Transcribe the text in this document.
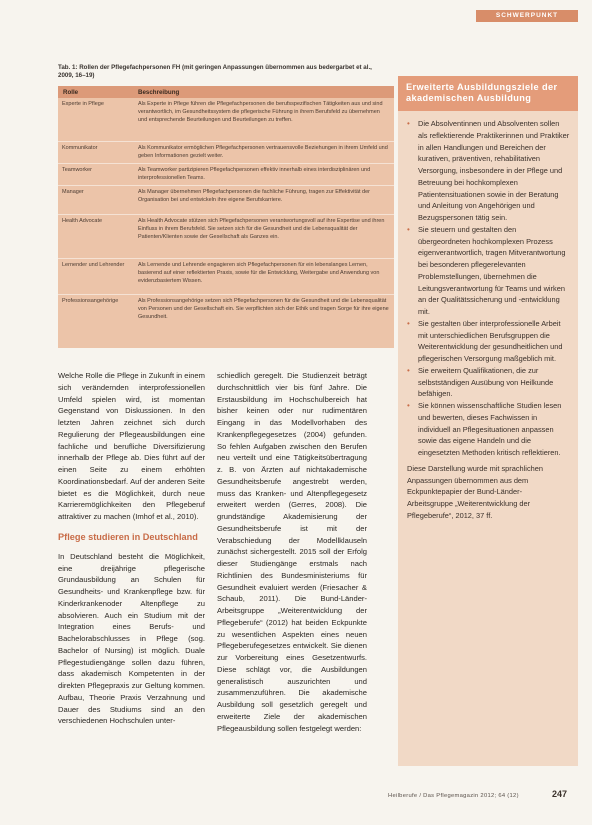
SCHWERPUNKT
Tab. 1: Rollen der Pflegefachpersonen FH (mit geringen Anpassungen übernommen aus bedergarbet et al., 2009, 16–19)
Rolle	Beschreibung
Experte in Pflege	Als Experte in Pflege führen die Pflegefachpersonen die berufsspezifischen Tätigkeiten aus und sind verantwortlich, im Gesundheitssystem die pflegerische Führung in ihrem Berufsfeld zu übernehmen und entsprechende Beurteilungen und Beurteilungen zu treffen.
Kommunikator	Als Kommunikator ermöglichen Pflegefachpersonen vertrauensvolle Beziehungen in ihrem Umfeld und geben Informationen gezielt weiter.
Teamworker	Als Teamworker partizipieren Pflegefachpersonen effektiv innerhalb eines interdisziplinären und interprofessionellen Teams.
Manager	Als Manager übernehmen Pflegefachpersonen die fachliche Führung, tragen zur Effektivität der Organisation bei und entwickeln ihre eigene Berufskarriere.
Health Advocate	Als Health Advocate stützen sich Pflegefachpersonen verantwortungsvoll auf ihre Expertise und ihren Einfluss in ihrem Berufsfeld. Sie setzen sich für die Gesundheit und die Lebensqualität der Patienten/Klienten sowie der Gesellschaft als Ganzes ein.
Lernender und Lehrender	Als Lernende und Lehrende engagieren sich Pflegefachpersonen für ein lebenslanges Lernen, basierend auf einer reflektierten Praxis, sowie für die Entwicklung, Weitergabe und Anwendung von evidenzbasiertem Wissen.
Professionsangehörige	Als Professionsangehörige setzen sich Pflegefachpersonen für die Gesundheit und die Lebensqualität von Personen und der Gesellschaft ein. Sie verpflichten sich der Ethik und tragen Sorge für ihre eigene Gesundheit.

Welche Rolle die Pflege in Zukunft in einem sich verändernden interprofessionellen Umfeld spielen wird, ist momentan Gegenstand von Diskussionen. In den letzten Jahren zeichnet sich durch Regulierung der Pflegeausbildungen eine fachliche und berufliche Diversifizierung innerhalb der Pflege ab. Dies führt auf der einen Seite zu einem erhöhten Koordinationsbedarf. Auf der anderen Seite bietet es die Möglichkeit, durch neue Karrieremöglichkeiten den Pflegeberuf attraktiver zu machen (Imhof et al., 2010).

Pflege studieren in Deutschland

In Deutschland besteht die Möglichkeit, eine dreijährige pflegerische Grundausbildung an Schulen für Gesundheits- und Krankenpflege bzw. für Kinderkrankenoder Altenpflege zu absolvieren. Auch ein Studium mit der Integration eines Berufs- und Bachelorabschlusses in Pflege (sog. Bachelor of Nursing) ist möglich. Duale Pflegestudiengänge sollen dazu führen, dass akademisch Kompetenten in der direkten Pflegepraxis zur Geltung kommen. Aufbau, Theorie Praxis Verzahnung und Dauer des Studiums sind an den verschiedenen Hochschulen unter-

schiedlich geregelt. Die Studienzeit beträgt durchschnittlich vier bis fünf Jahre. Die Erstausbildung im Hochschulbereich hat bisher keinen oder nur rudimentären Eingang in das Modellvorhaben des Krankenpflegegesetzes (2004) gefunden. So fehlen Aufgaben zwischen den Berufen neu verteilt und eine Tätigkeitsübertragung z. B. von Ärzten auf nichtakademische Gesundheitsberufe angestrebt werden, muss das Kranken- und Altenpflegegesetz erweitert werden (Gerres, 2008). Die grundständige Akademisierung der Gesundheitsberufe ist mit der Verabschiedung der Modellklauseln zunächst sichergestellt. 2015 soll der Erfolg dieser Studiengänge erstmals nach Richtlinien des Bundesministeriums für Gesundheit evaluiert werden (Friesacher & Schaub, 2011). Die Bund-Länder-Arbeitsgruppe „Weiterentwicklung der Pflegeberufe“ (2012) hat beiden Eckpunkte zu wesentlichen Aspekten eines neuen Pflegeberufegesetzes entwickelt. Sie dienen zur Vorbereitung eines Gesetzentwurfs. Diese schlägt vor, die Ausbildungen generalistisch auszurichten und zusammenzuführen. Die akademische Ausbildung soll gesetzlich geregelt und erweiterte Ziele der akademischen Pflegeausbildung sollen festgelegt werden:

Erweiterte Ausbildungsziele der akademischen Ausbildung
• Die Absolventinnen und Absolventen sollen als reflektierende Praktikerinnen und Praktiker in allen Handlungen und Bereichen der kurativen, präventiven, rehabilitativen Versorgung, insbesondere in der Pflege und Betreuung bei hochkomplexen Patientensituationen sowie in der Beratung und Anleitung von Angehörigen und Bezugspersonen tätig sein.
• Sie steuern und gestalten den übergeordneten hochkomplexen Prozess eigenverantwortlich, tragen Mitverantwortung bei besonderen pflegerelevanten Problemstellungen, übernehmen die Leitungsverantwortung für Teams und wirken an der Qualitätssicherung und -entwicklung mit.
• Sie gestalten über interprofessionelle Arbeit mit unterschiedlichen Berufsgruppen die Weiterentwicklung der gesundheitlichen und pflegerischen Versorgung maßgeblich mit.
• Sie erweitern Qualifikationen, die zur selbstständigen Ausübung von Heilkunde befähigen.
• Sie können wissenschaftliche Studien lesen und bewerten, dieses Fachwissen in individuell an Pflegesituationen anpassen sowie das eigene Handeln und die eingesetzten Methoden kritisch reflektieren.

Diese Darstellung wurde mit sprachlichen Anpassungen übernommen aus dem Eckpunktepapier der Bund-Länder-Arbeitsgruppe „Weiterentwicklung der Pflegeberufe“, 2012, 37 ff.

Heilberufe / Das Pflegemagazin 2012; 64 (12)	247
